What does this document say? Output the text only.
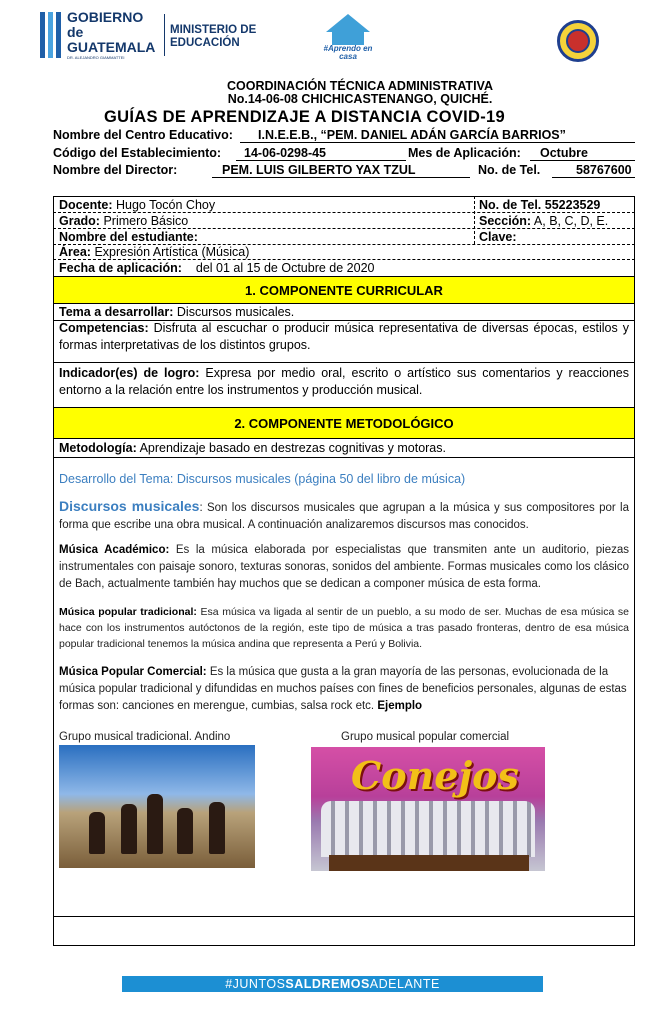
GOBIERNO de
GUATEMALA
DR. ALEJANDRO GIAMMATTEI
MINISTERIO DE
EDUCACIÓN	#Aprendo en casa
COORDINACIÓN TÉCNICA ADMINISTRATIVA
No.14-06-08 CHICHICASTENANGO, QUICHÉ.
GUÍAS DE APRENDIZAJE A DISTANCIA COVID-19
Nombre del Centro Educativo:	I.N.E.E.B., “PEM. DANIEL ADÁN GARCÍA BARRIOS”
Código del Establecimiento:	14-06-0298-45	Mes de Aplicación:	Octubre
Nombre del Director:	PEM. LUIS GILBERTO YAX TZUL	No. de Tel.	58767600
Docente: Hugo Tocón Choy	No. de Tel. 55223529
Grado: Primero Básico	Sección: A, B, C, D, E.
Nombre del estudiante:	Clave:
Área: Expresión Artística (Música)
Fecha de aplicación: del 01 al 15 de Octubre de 2020
1. COMPONENTE CURRICULAR
Tema a desarrollar: Discursos musicales.
Competencias: Disfruta al escuchar o producir música representativa de diversas épocas, estilos y formas interpretativas de los distintos grupos.
Indicador(es) de logro: Expresa por medio oral, escrito o artístico sus comentarios y reacciones entorno a la relación entre los instrumentos y producción musical.
2. COMPONENTE METODOLÓGICO
Metodología: Aprendizaje basado en destrezas cognitivas y motoras.
Desarrollo del Tema: Discursos musicales (página 50 del libro de música)
Discursos musicales: Son los discursos musicales que agrupan a la música y sus compositores por la forma que escribe una obra musical. A continuación analizaremos discursos mas conocidos.
Música Académico: Es la música elaborada por especialistas que transmiten ante un auditorio, piezas instrumentales con paisaje sonoro, texturas sonoras, sonidos del ambiente. Formas musicales como los clásico de Bach, actualmente también hay muchos que se dedican a componer música de esta forma.
Música popular tradicional: Esa música va ligada al sentir de un pueblo, a su modo de ser. Muchas de esa música se hace con los instrumentos autóctonos de la región, este tipo de música a tras pasado fronteras, dentro de esa música popular tradicional tenemos la música andina que representa a Perú y Bolivia.
Música Popular Comercial: Es la música que gusta a la gran mayoría de las personas, evolucionada de la música popular tradicional y difundidas en muchos países con fines de beneficios personales, algunas de estas formas son: canciones en merengue, cumbias, salsa rock etc. Ejemplo
Grupo musical tradicional. Andino	Grupo musical popular comercial
Conejos
#JUNTOSSALDREMOSADELANTE
